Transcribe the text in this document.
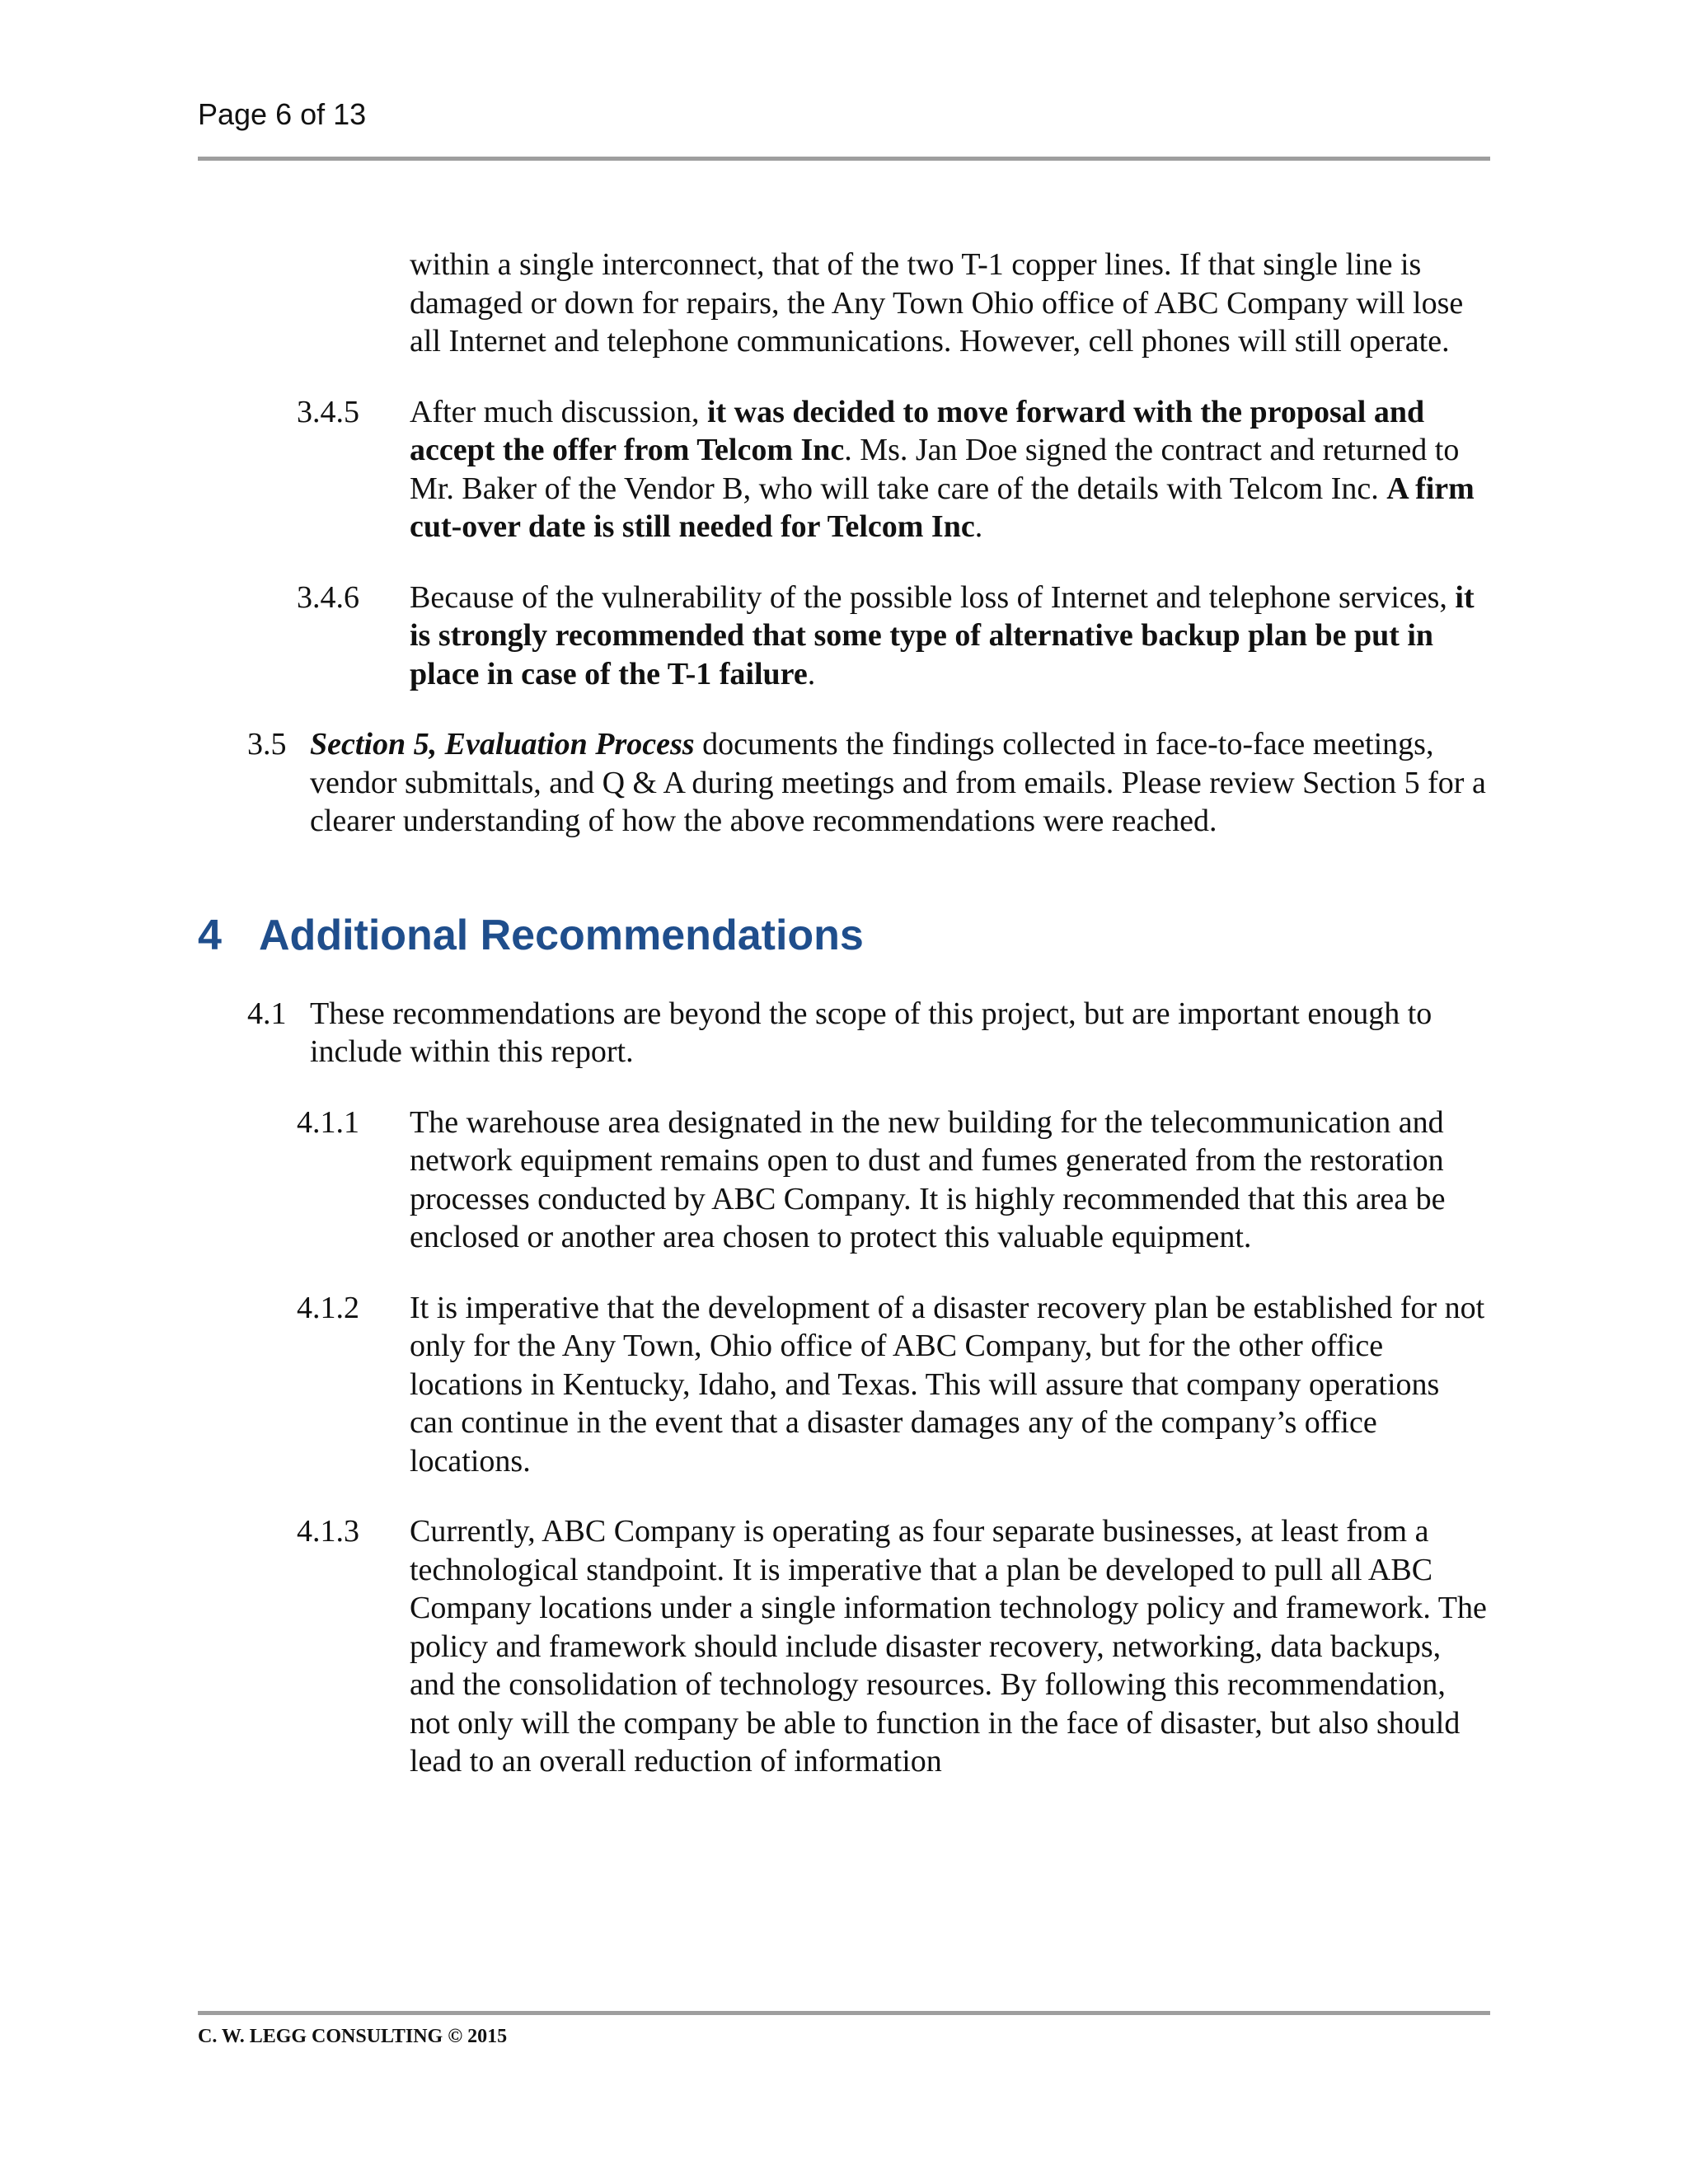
Page 6 of 13
within a single interconnect, that of the two T-1 copper lines. If that single line is damaged or down for repairs, the Any Town Ohio office of ABC Company will lose all Internet and telephone communications. However, cell phones will still operate.
3.4.5 After much discussion, it was decided to move forward with the proposal and accept the offer from Telcom Inc. Ms. Jan Doe signed the contract and returned to Mr. Baker of the Vendor B, who will take care of the details with Telcom Inc. A firm cut-over date is still needed for Telcom Inc.
3.4.6 Because of the vulnerability of the possible loss of Internet and telephone services, it is strongly recommended that some type of alternative backup plan be put in place in case of the T-1 failure.
3.5 Section 5, Evaluation Process documents the findings collected in face-to-face meetings, vendor submittals, and Q & A during meetings and from emails. Please review Section 5 for a clearer understanding of how the above recommendations were reached.
4 Additional Recommendations
4.1 These recommendations are beyond the scope of this project, but are important enough to include within this report.
4.1.1 The warehouse area designated in the new building for the telecommunication and network equipment remains open to dust and fumes generated from the restoration processes conducted by ABC Company. It is highly recommended that this area be enclosed or another area chosen to protect this valuable equipment.
4.1.2 It is imperative that the development of a disaster recovery plan be established for not only for the Any Town, Ohio office of ABC Company, but for the other office locations in Kentucky, Idaho, and Texas. This will assure that company operations can continue in the event that a disaster damages any of the company’s office locations.
4.1.3 Currently, ABC Company is operating as four separate businesses, at least from a technological standpoint. It is imperative that a plan be developed to pull all ABC Company locations under a single information technology policy and framework. The policy and framework should include disaster recovery, networking, data backups, and the consolidation of technology resources. By following this recommendation, not only will the company be able to function in the face of disaster, but also should lead to an overall reduction of information
C. W. LEGG CONSULTING © 2015
